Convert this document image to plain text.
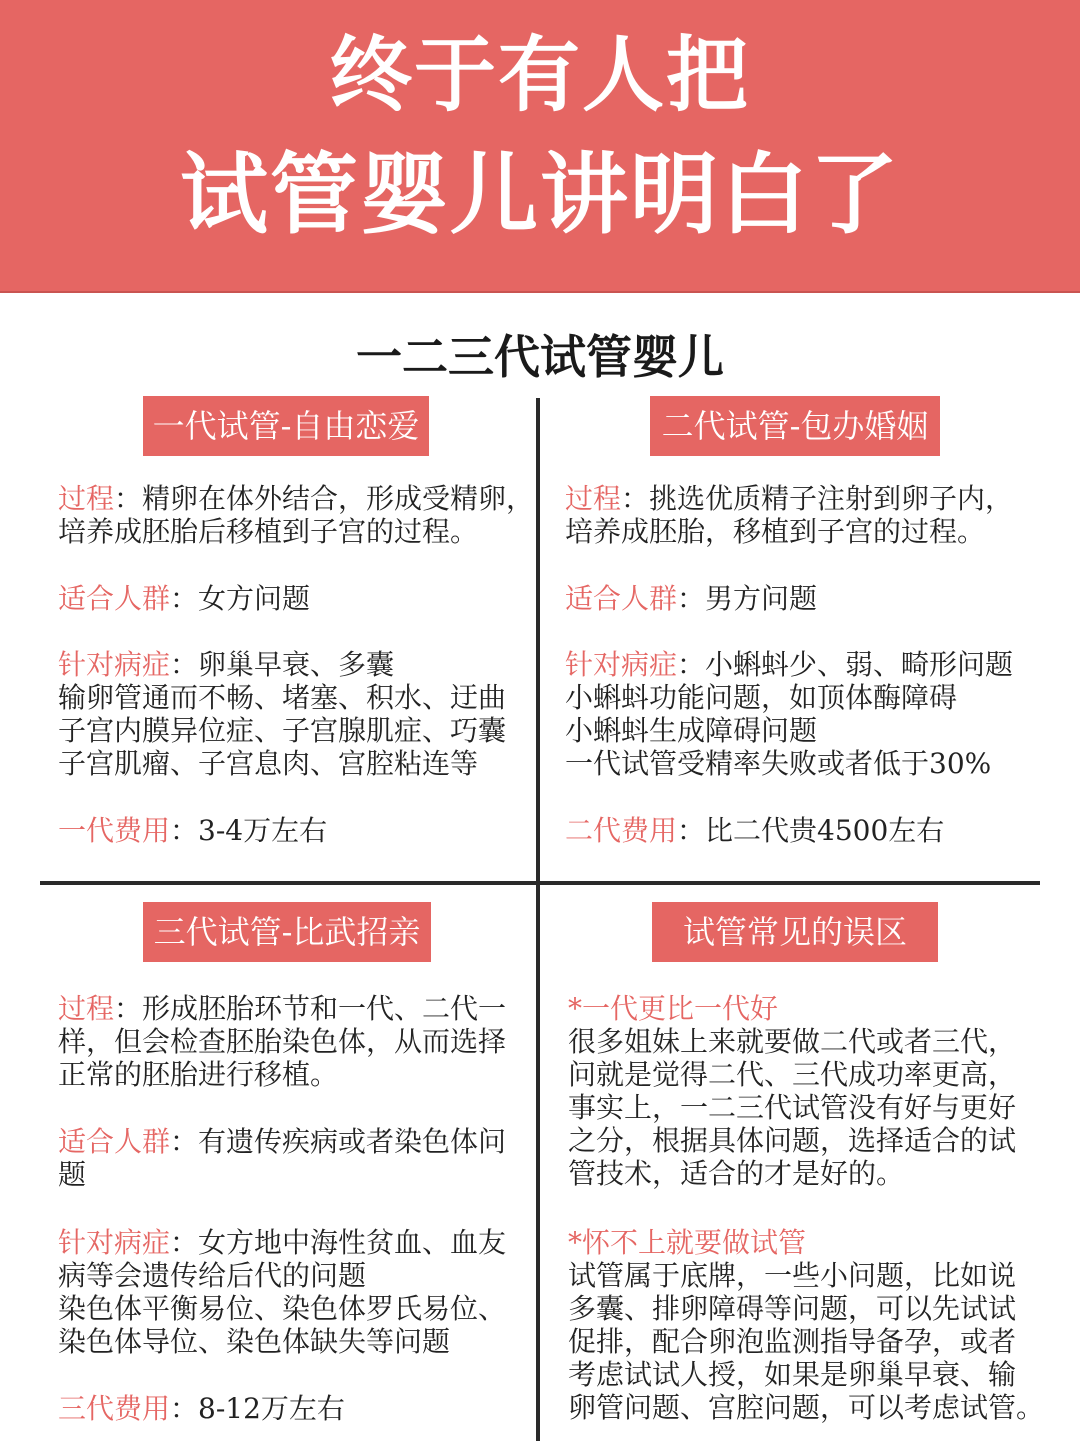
终于有人把
试管婴儿讲明白了
一二三代试管婴儿
一代试管-自由恋爱
过程：精卵在体外结合，形成受精卵，
培养成胚胎后移植到子宫的过程。
适合人群：女方问题
针对病症：卵巢早衰、多囊
输卵管通而不畅、堵塞、积水、迂曲
子宫内膜异位症、子宫腺肌症、巧囊
子宫肌瘤、子宫息肉、宫腔粘连等
一代费用：3-4万左右
二代试管-包办婚姻
过程：挑选优质精子注射到卵子内，
培养成胚胎，移植到子宫的过程。
适合人群：男方问题
针对病症：小蝌蚪少、弱、畸形问题
小蝌蚪功能问题，如顶体酶障碍
小蝌蚪生成障碍问题
一代试管受精率失败或者低于30%
二代费用：比二代贵4500左右
三代试管-比武招亲
过程：形成胚胎环节和一代、二代一
样，但会检查胚胎染色体，从而选择
正常的胚胎进行移植。
适合人群：有遗传疾病或者染色体问
题
针对病症：女方地中海性贫血、血友
病等会遗传给后代的问题
染色体平衡易位、染色体罗氏易位、
染色体导位、染色体缺失等问题
三代费用：8-12万左右
试管常见的误区
*一代更比一代好
很多姐妹上来就要做二代或者三代，
问就是觉得二代、三代成功率更高，
事实上，一二三代试管没有好与更好
之分，根据具体问题，选择适合的试
管技术，适合的才是好的。
*怀不上就要做试管
试管属于底牌，一些小问题，比如说
多囊、排卵障碍等问题，可以先试试
促排，配合卵泡监测指导备孕，或者
考虑试试人授，如果是卵巢早衰、输
卵管问题、宫腔问题，可以考虑试管。
